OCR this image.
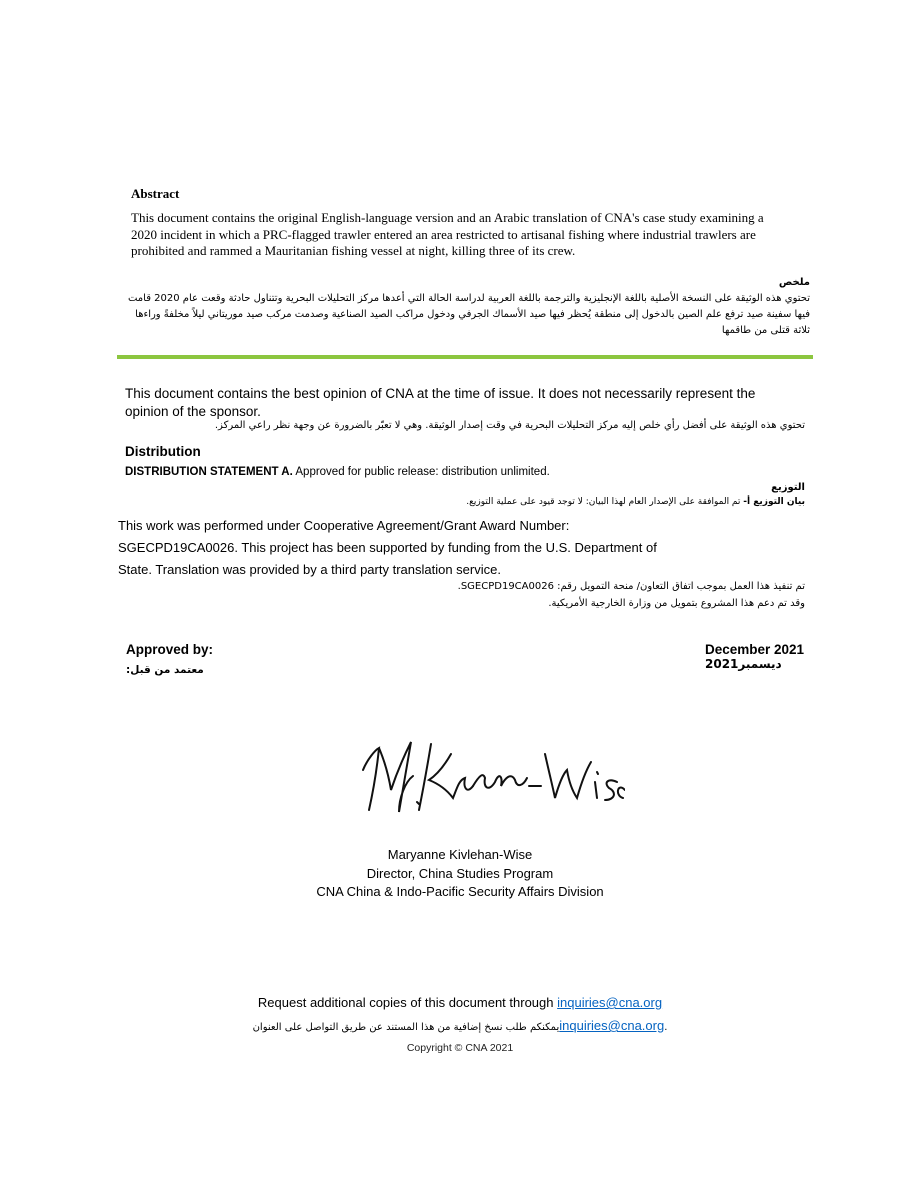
Abstract
This document contains the original English-language version and an Arabic translation of CNA's case study examining a 2020 incident in which a PRC-flagged trawler entered an area restricted to artisanal fishing where industrial trawlers are prohibited and rammed a Mauritanian fishing vessel at night, killing three of its crew.
ملخص
تحتوي هذه الوثيقة على النسخة الأصلية باللغة الإنجليزية والترجمة باللغة العربية لدراسة الحالة التي أعدها مركز التحليلات البحرية وتتناول حادثة وقعت عام 2020 قامت فيها سفينة صيد ترفع علم الصين بالدخول إلى منطقة يُحظر فيها صيد الأسماك الجرفي ودخول مراكب الصيد الصناعية وصدمت مركب صيد موريتاني ليلاً مخلفةً وراءها ثلاثة قتلى من طاقمها
This document contains the best opinion of CNA at the time of issue. It does not necessarily represent the opinion of the sponsor.
تحتوي هذه الوثيقة على أفضل رأي خلص إليه مركز التحليلات البحرية في وقت إصدار الوثيقة. وهي لا تعبّر بالضرورة عن وجهة نظر راعي المركز.
Distribution
DISTRIBUTION STATEMENT A. Approved for public release: distribution unlimited.
التوزيع
بيان التوزيع أ- تم الموافقة على الإصدار العام لهذا البيان: لا توجد قيود على عملية التوزيع.
This work was performed under Cooperative Agreement/Grant Award Number:
SGECPD19CA0026. This project has been supported by funding from the U.S. Department of
State. Translation was provided by a third party translation service.
تم تنفيذ هذا العمل بموجب اتفاق التعاون/ منحة التمويل رقم: SGECPD19CA0026.
وقد تم دعم هذا المشروع بتمويل من وزارة الخارجية الأمريكية.
Approved by:
معتمد من قبل:
December 2021
ديسمبر2021
Maryanne Kivlehan-Wise
Director, China Studies Program
CNA China & Indo-Pacific Security Affairs Division
Request additional copies of this document through inquiries@cna.org
يمكنكم طلب نسخ إضافية من هذا المستند عن طريق التواصل على العنوانinquiries@cna.org.
Copyright © CNA 2021
